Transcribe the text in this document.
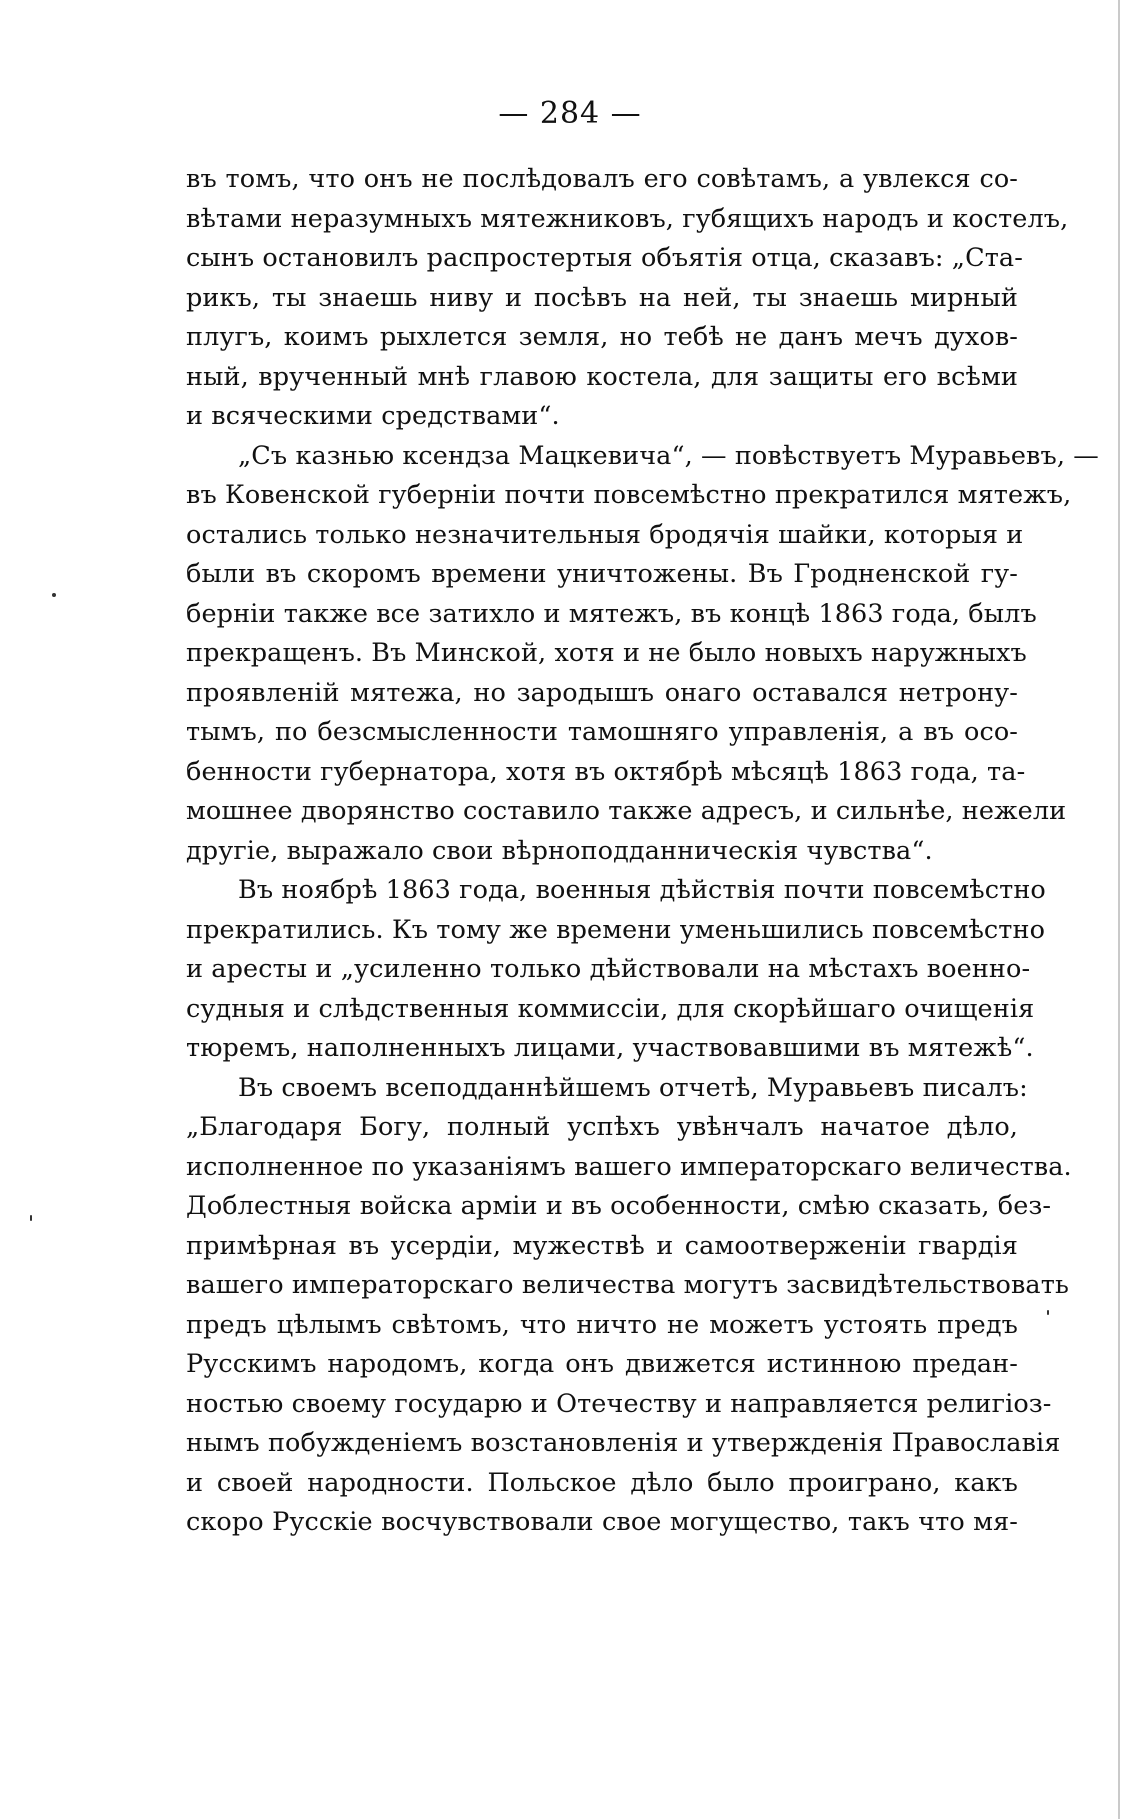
— 284 —
въ томъ, что онъ не послѣдовалъ его совѣтамъ, а увлекся со-
вѣтами неразумныхъ мятежниковъ, губящихъ народъ и костелъ,
сынъ остановилъ распростертыя объятія отца, сказавъ: „Ста-
рикъ, ты знаешь ниву и посѣвъ на ней, ты знаешь мирный
плугъ, коимъ рыхлется земля, но тебѣ не данъ мечъ духов-
ный, врученный мнѣ главою костела, для защиты его всѣми
и всяческими средствами“.
„Съ казнью ксендза Мацкевича“, — повѣствуетъ Муравьевъ, —
въ Ковенской губерніи почти повсемѣстно прекратился мятежъ,
остались только незначительныя бродячія шайки, которыя и
были въ скоромъ времени уничтожены. Въ Гродненской гу-
берніи также все затихло и мятежъ, въ концѣ 1863 года, былъ
прекращенъ. Въ Минской, хотя и не было новыхъ наружныхъ
проявленій мятежа, но зародышъ онаго оставался нетрону-
тымъ, по безсмысленности тамошняго управленія, а въ осо-
бенности губернатора, хотя въ октябрѣ мѣсяцѣ 1863 года, та-
мошнее дворянство составило также адресъ, и сильнѣе, нежели
другіе, выражало свои вѣрноподданническія чувства“.
Въ ноябрѣ 1863 года, военныя дѣйствія почти повсемѣстно
прекратились. Къ тому же времени уменьшились повсемѣстно
и аресты и „усиленно только дѣйствовали на мѣстахъ военно-
судныя и слѣдственныя коммиссіи, для скорѣйшаго очищенія
тюремъ, наполненныхъ лицами, участвовавшими въ мятежѣ“.
Въ своемъ всеподданнѣйшемъ отчетѣ, Муравьевъ писалъ:
„Благодаря Богу, полный успѣхъ увѣнчалъ начатое дѣло,
исполненное по указаніямъ вашего императорскаго величества.
Доблестныя войска арміи и въ особенности, смѣю сказать, без-
примѣрная въ усердіи, мужествѣ и самоотверженіи гвардія
вашего императорскаго величества могутъ засвидѣтельствовать
предъ цѣлымъ свѣтомъ, что ничто не можетъ устоять предъ
Русскимъ народомъ, когда онъ движется истинною предан-
ностью своему государю и Отечеству и направляется религіоз-
нымъ побужденіемъ возстановленія и утвержденія Православія
и своей народности. Польское дѣло было проиграно, какъ
скоро Русскіе восчувствовали свое могущество, такъ что мя-
